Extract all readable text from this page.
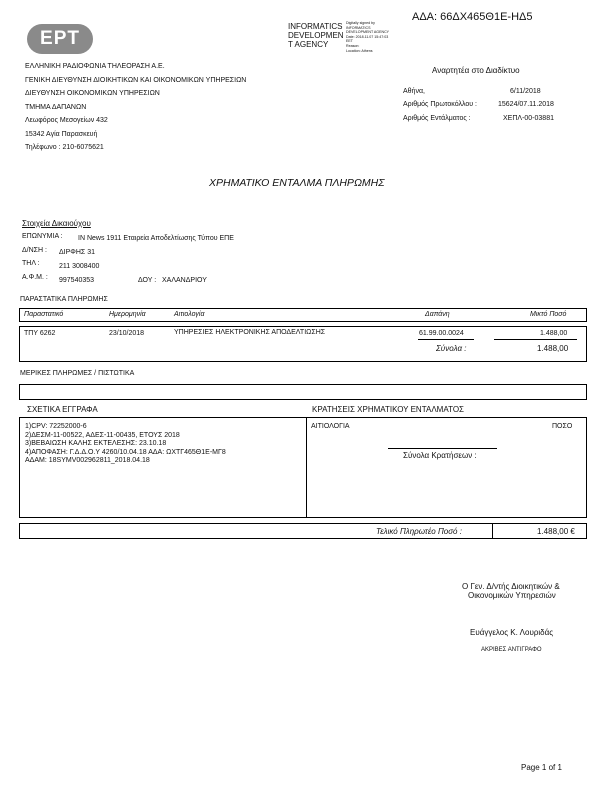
ΕΡΤ
INFORMATICS
DEVELOPMEN
T AGENCY
Digitally signed by
INFORMATICS
DEVELOPMENT AGENCY
Date: 2018.11.07 15:47:03
EET
Reason:
Location: Athens
ΑΔΑ: 66ΔΧ465Θ1Ε-ΗΔ5
ΕΛΛΗΝΙΚΗ ΡΑΔΙΟΦΩΝΙΑ ΤΗΛΕΟΡΑΣΗ Α.Ε.
ΓΕΝΙΚΗ ΔΙΕΥΘΥΝΣΗ ΔΙΟΙΚΗΤΙΚΩΝ ΚΑΙ ΟΙΚΟΝΟΜΙΚΩΝ ΥΠΗΡΕΣΙΩΝ
ΔΙΕΥΘΥΝΣΗ ΟΙΚΟΝΟΜΙΚΩΝ ΥΠΗΡΕΣΙΩΝ
ΤΜΗΜΑ ΔΑΠΑΝΩΝ
Λεωφόρος Μεσογείων 432
15342 Αγία Παρασκευή
Τηλέφωνο : 210-6075621
Αναρτητέα στο Διαδίκτυο
Αθήνα,	6/11/2018
Αριθμός Πρωτοκόλλου :	15624/07.11.2018
Αριθμός Εντάλματος :	ΧΕΠΛ-00-03881
ΧΡΗΜΑΤΙΚΟ ΕΝΤΑΛΜΑ ΠΛΗΡΩΜΗΣ
Στοιχεία Δικαιούχου
ΕΠΩΝΥΜΙΑ : IN News 1911 Εταιρεία Αποδελτίωσης Τύπου ΕΠΕ
Δ/ΝΣΗ : ΔΙΡΦΗΣ 31
ΤΗΛ :	211 3008400
Α.Φ.Μ. : 997540353	ΔΟΥ : ΧΑΛΑΝΔΡΙΟΥ
ΠΑΡΑΣΤΑΤΙΚΑ ΠΛΗΡΩΜΗΣ
Παραστατικό	Ημερομηνία	Αιτιολογία	Δαπάνη	Μικτό Ποσό
ΤΠΥ 6262	23/10/2018	ΥΠΗΡΕΣΙΕΣ ΗΛΕΚΤΡΟΝΙΚΗΣ ΑΠΟΔΕΛΤΙΩΣΗΣ	61.99.00.0024	1.488,00
Σύνολα :	1.488,00
ΜΕΡΙΚΕΣ ΠΛΗΡΩΜΕΣ / ΠΙΣΤΩΤΙΚΑ
ΣΧΕΤΙΚΑ ΕΓΓΡΑΦΑ	ΚΡΑΤΗΣΕΙΣ ΧΡΗΜΑΤΙΚΟΥ ΕΝΤΑΛΜΑΤΟΣ
1)CPV: 72252000-6
2)ΔΕΣΜ-11-00522, ΑΔΕΣ-11-00435, ΕΤΟΥΣ 2018
3)ΒΕΒΑΙΩΣΗ ΚΑΛΗΣ ΕΚΤΕΛΕΣΗΣ: 23.10.18
4)ΑΠΟΦΑΣΗ: Γ.Δ.Δ.Ο.Υ 4260/10.04.18 ΑΔΑ: ΩΧΤΓ465Θ1Ε-ΜΓ8
ΑΔΑΜ: 18SYMV002962811_2018.04.18
ΑΙΤΙΟΛΟΓΙΑ	ΠΟΣΟ
Σύνολα Κρατήσεων :
Τελικό Πληρωτέο Ποσό :	1.488,00 €
Ο Γεν. Δ/ντής Διοικητικών &
Οικονομικών Υπηρεσιών
Ευάγγελος Κ. Λουριδάς
ΑΚΡΙΒΕΣ ΑΝΤΙΓΡΑΦΟ
Page 1 of 1
